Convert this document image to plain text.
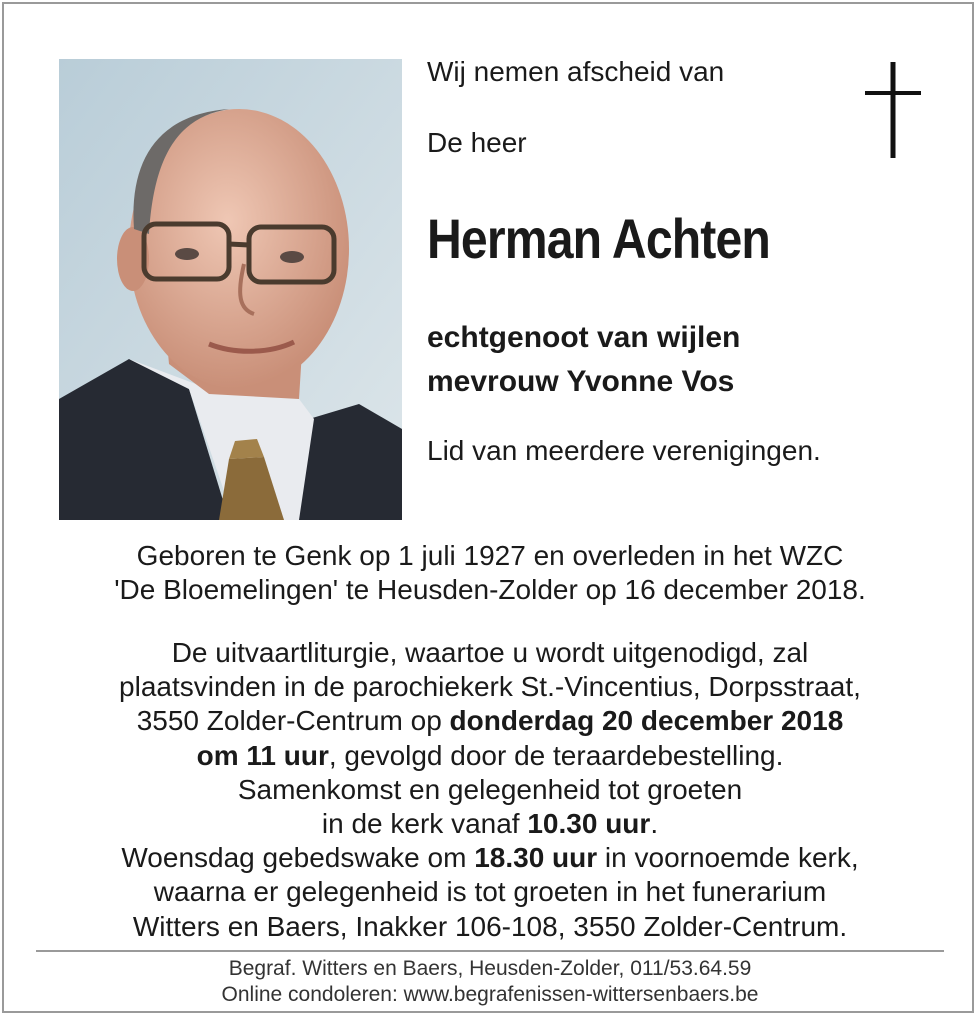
Wij nemen afscheid van

De heer

Herman Achten

echtgenoot van wijlen
mevrouw Yvonne Vos

Lid van meerdere verenigingen.

Geboren te Genk op 1 juli 1927 en overleden in het WZC
'De Bloemelingen' te Heusden-Zolder op 16 december 2018.
De uitvaartliturgie, waartoe u wordt uitgenodigd, zal
plaatsvinden in de parochiekerk St.-Vincentius, Dorpsstraat,
3550 Zolder-Centrum op donderdag 20 december 2018
om 11 uur, gevolgd door de teraardebestelling.
Samenkomst en gelegenheid tot groeten
in de kerk vanaf 10.30 uur.
Woensdag gebedswake om 18.30 uur in voornoemde kerk,
waarna er gelegenheid is tot groeten in het funerarium
Witters en Baers, Inakker 106-108, 3550 Zolder-Centrum.
Begraf. Witters en Baers, Heusden-Zolder, 011/53.64.59
Online condoleren: www.begrafenissen-wittersenbaers.be
